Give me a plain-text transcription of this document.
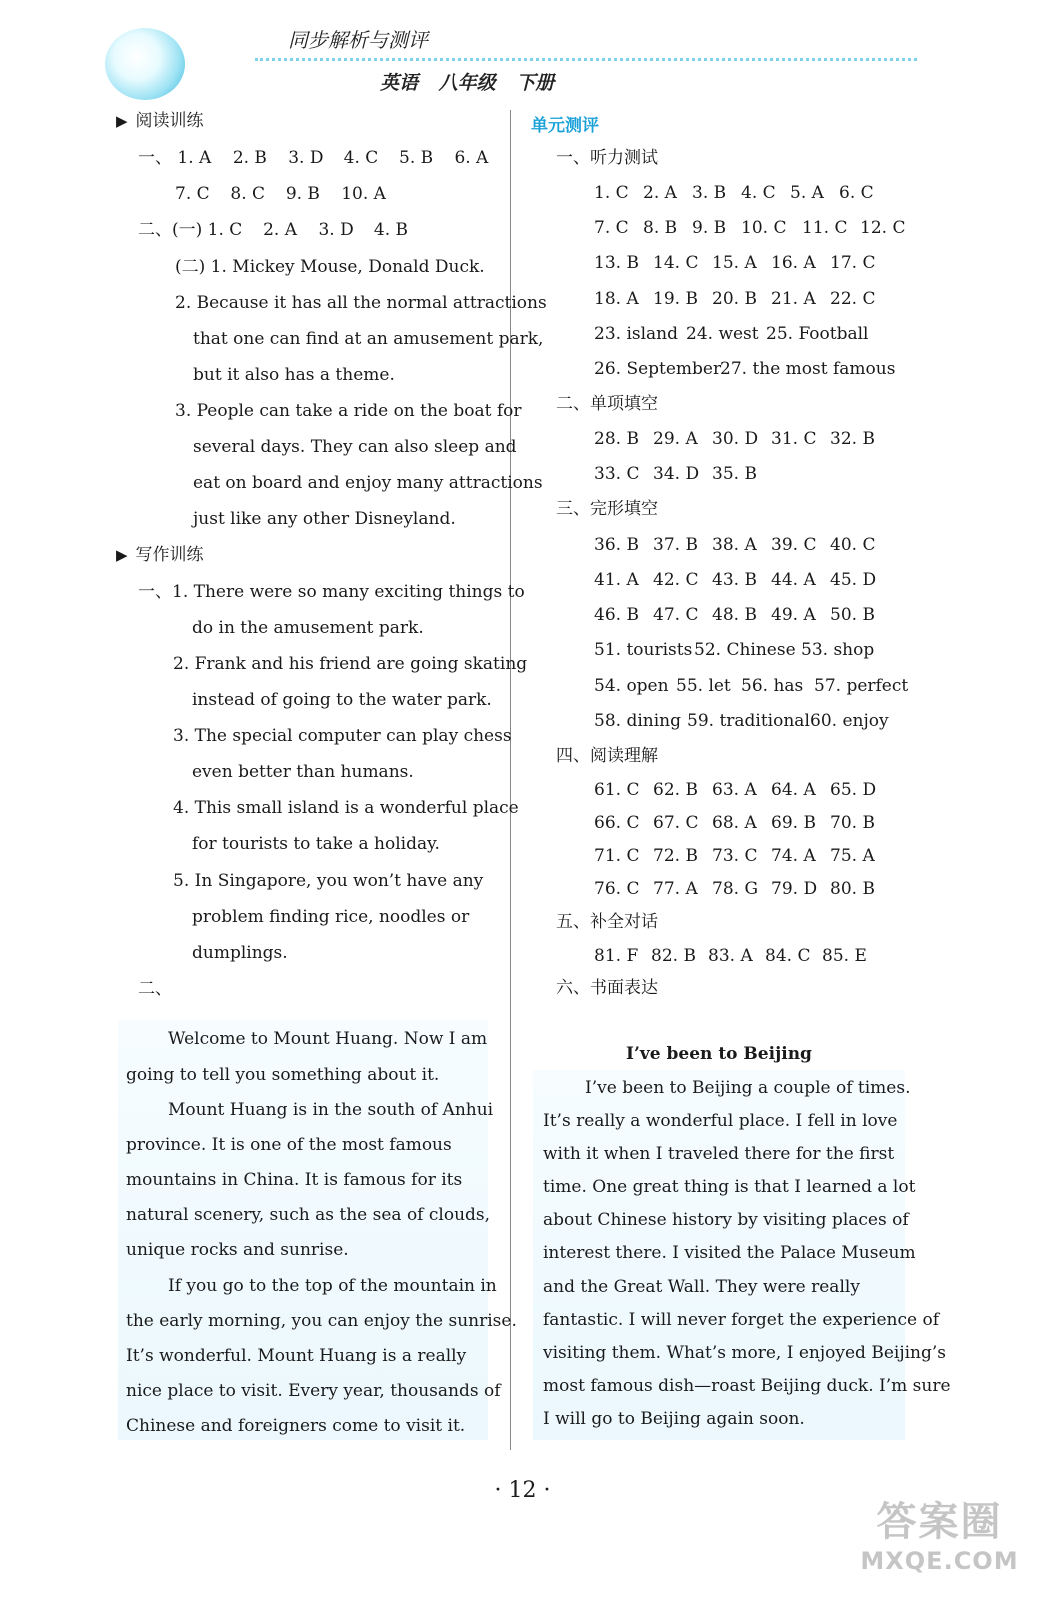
同步解析与测评
英语 八年级 下册
▶ 阅读训练
一、 1. A 2. B 3. D 4. C 5. B 6. A
7. C 8. C 9. B 10. A
二、(一) 1. C 2. A 3. D 4. B
(二) 1. Mickey Mouse, Donald Duck.
2. Because it has all the normal attractions
that one can find at an amusement park,
but it also has a theme.
3. People can take a ride on the boat for
several days. They can also sleep and
eat on board and enjoy many attractions
just like any other Disneyland.
▶ 写作训练
一、1. There were so many exciting things to
do in the amusement park.
2. Frank and his friend are going skating
instead of going to the water park.
3. The special computer can play chess
even better than humans.
4. This small island is a wonderful place
for tourists to take a holiday.
5. In Singapore, you won’t have any
problem finding rice, noodles or
dumplings.
二、
Welcome to Mount Huang. Now I am
going to tell you something about it.
Mount Huang is in the south of Anhui
province. It is one of the most famous
mountains in China. It is famous for its
natural scenery, such as the sea of clouds,
unique rocks and sunrise.
If you go to the top of the mountain in
the early morning, you can enjoy the sunrise.
It’s wonderful. Mount Huang is a really
nice place to visit. Every year, thousands of
Chinese and foreigners come to visit it.
单元测评
一、听力测试
1. C 2. A 3. B 4. C 5. A 6. C
7. C 8. B 9. B 10. C 11. C 12. C
13. B 14. C 15. A 16. A 17. C
18. A 19. B 20. B 21. A 22. C
23. island 24. west 25. Football
26. September
27. the most famous
二、单项填空
28. B 29. A 30. D 31. C 32. B
33. C 34. D 35. B
三、完形填空
36. B 37. B 38. A 39. C 40. C
41. A 42. C 43. B 44. A 45. D
46. B 47. C 48. B 49. A 50. B
51. tourists 52. Chinese 53. shop
54. open 55. let 56. has 57. perfect
58. dining 59. traditional 60. enjoy
四、阅读理解
61. C 62. B 63. A 64. A 65. D
66. C 67. C 68. A 69. B 70. B
71. C 72. B 73. C 74. A 75. A
76. C 77. A 78. G 79. D 80. B
五、补全对话
81. F 82. B 83. A 84. C 85. E
六、书面表达
I’ve been to Beijing
I’ve been to Beijing a couple of times.
It’s really a wonderful place. I fell in love
with it when I traveled there for the first
time. One great thing is that I learned a lot
about Chinese history by visiting places of
interest there. I visited the Palace Museum
and the Great Wall. They were really
fantastic. I will never forget the experience of
visiting them. What’s more, I enjoyed Beijing’s
most famous dish—roast Beijing duck. I’m sure
I will go to Beijing again soon.
· 12 ·
答案圈
MXQE.COM
